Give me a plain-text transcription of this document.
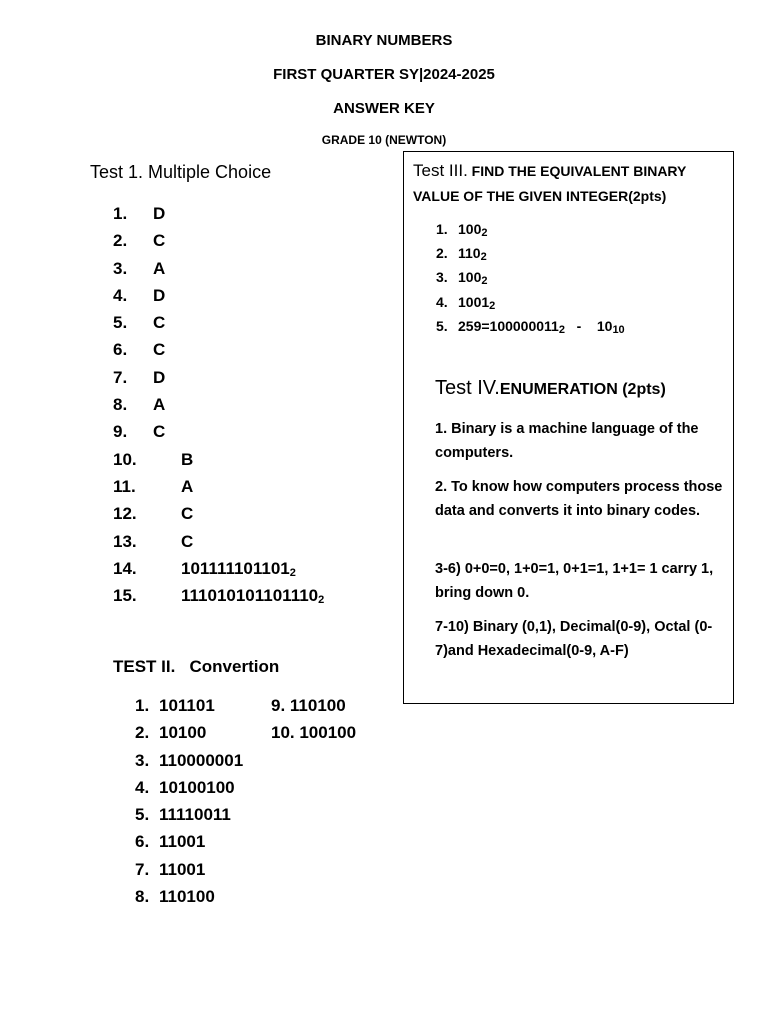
BINARY NUMBERS
FIRST QUARTER SY|2024-2025
ANSWER KEY
GRADE 10 (NEWTON)
Test 1. Multiple Choice
1. D
2. C
3. A
4. D
5. C
6. C
7. D
8. A
9. C
10.	B
11.	A
12.	C
13.	C
14.	$101111101101_2$
15.	$111010101101110_2$
TEST II.   Convertion
1. 101101
2. 10100
3. 110000001
4. 10100100
5. 11110011
6. 11001
7. 11001
8. 110100
9. 110100
10. 100100
Test III. FIND THE EQUIVALENT BINARY VALUE OF THE GIVEN INTEGER(2pts)
1. $100_2$
2. $110_2$
3. $100_2$
4. $1001_2$
5. $259=100000011_2$   -    $10_{10}$
Test IV.ENUMERATION (2pts)
1. Binary is a machine language of the computers.
2. To know how computers process those data and converts it into binary codes.
3-6) 0+0=0, 1+0=1, 0+1=1, 1+1= 1 carry 1, bring down 0.
7-10) Binary (0,1), Decimal(0-9), Octal (0-7)and Hexadecimal(0-9, A-F)
